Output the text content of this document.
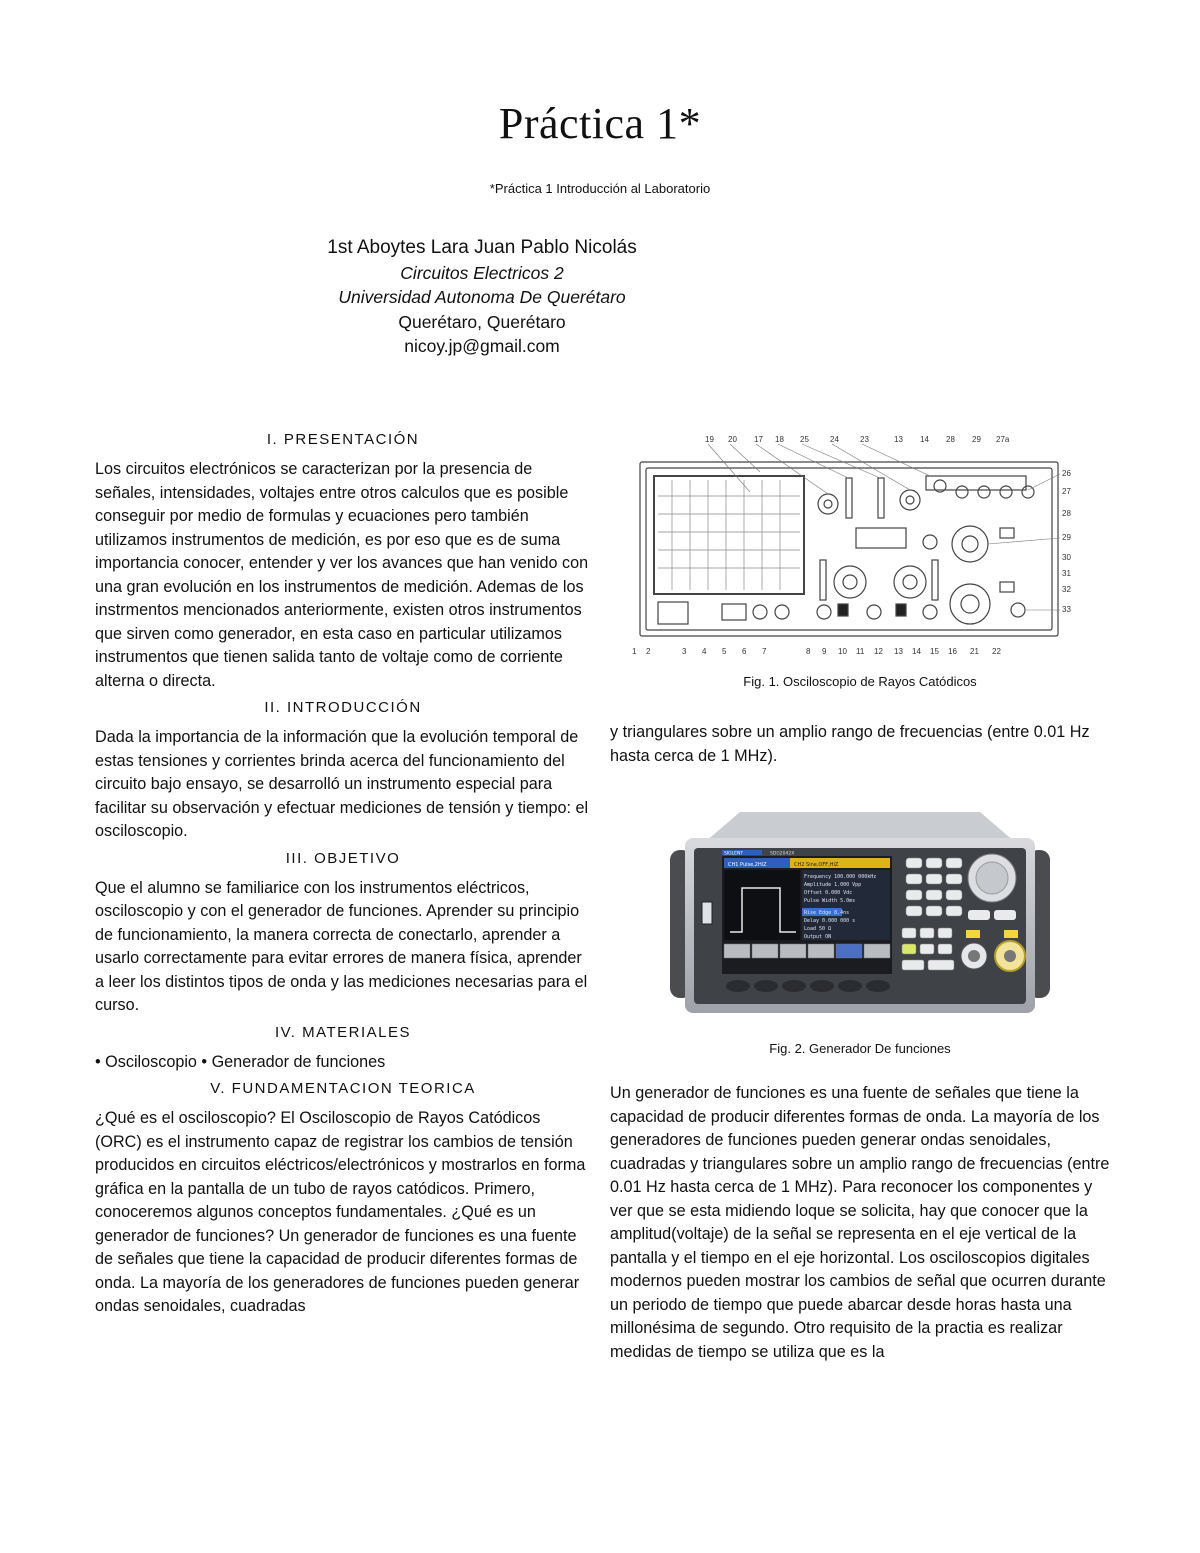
Práctica 1*
*Práctica 1 Introducción al Laboratorio
1st Aboytes Lara Juan Pablo Nicolás
Circuitos Electricos 2
Universidad Autonoma De Querétaro
Querétaro, Querétaro
nicoy.jp@gmail.com
I. PRESENTACIÓN
Los circuitos electrónicos se caracterizan por la presencia de señales, intensidades, voltajes entre otros calculos que es posible conseguir por medio de formulas y ecuaciones pero también utilizamos instrumentos de medición, es por eso que es de suma importancia conocer, entender y ver los avances que han venido con una gran evolución en los instrumentos de medición. Ademas de los instrmentos mencionados anteriormente, existen otros instrumentos que sirven como generador, en esta caso en particular utilizamos instrumentos que tienen salida tanto de voltaje como de corriente alterna o directa.
II. INTRODUCCIÓN
Dada la importancia de la información que la evolución temporal de estas tensiones y corrientes brinda acerca del funcionamiento del circuito bajo ensayo, se desarrolló un instrumento especial para facilitar su observación y efectuar mediciones de tensión y tiempo: el osciloscopio.
III. OBJETIVO
Que el alumno se familiarice con los instrumentos eléctricos, osciloscopio y con el generador de funciones. Aprender su principio de funcionamiento, la manera correcta de conectarlo, aprender a usarlo correctamente para evitar errores de manera física, aprender a leer los distintos tipos de onda y las mediciones necesarias para el curso.
IV. MATERIALES
• Osciloscopio • Generador de funciones
V. FUNDAMENTACION TEORICA
¿Qué es el osciloscopio? El Osciloscopio de Rayos Catódicos (ORC) es el instrumento capaz de registrar los cambios de tensión producidos en circuitos eléctricos/electrónicos y mostrarlos en forma gráfica en la pantalla de un tubo de rayos catódicos. Primero, conoceremos algunos conceptos fundamentales. ¿Qué es un generador de funciones? Un generador de funciones es una fuente de señales que tiene la capacidad de producir diferentes formas de onda. La mayoría de los generadores de funciones pueden generar ondas senoidales, cuadradas
19 20 17 18 25	24	23	13 14 28 29 27a
26
27
28
29
30
31
32
33
1 2	3 4 5 6 7	8 9 10 11 12 13 14 15 16 21 22
Fig. 1. Osciloscopio de Rayos Catódicos
y triangulares sobre un amplio rango de frecuencias (entre 0.01 Hz hasta cerca de 1 MHz).
Frequency 100.000 000kHz
Amplitude 1.000 Vpp
Offset 0.000 Vdc
Pulse Width 5.0ms
Rise Edge 8.4ns
Delay 0.000 000 s
Load 50 Ω
Output ON
CH1 Pulse,2HiZ	CH2 Sine,OFF,HiZ
SIGLENT	SDG2042X
Fig. 2. Generador De funciones
Un generador de funciones es una fuente de señales que tiene la capacidad de producir diferentes formas de onda. La mayoría de los generadores de funciones pueden generar ondas senoidales, cuadradas y triangulares sobre un amplio rango de frecuencias (entre 0.01 Hz hasta cerca de 1 MHz). Para reconocer los componentes y ver que se esta midiendo loque se solicita, hay que conocer que la amplitud(voltaje) de la señal se representa en el eje vertical de la pantalla y el tiempo en el eje horizontal. Los osciloscopios digitales modernos pueden mostrar los cambios de señal que ocurren durante un periodo de tiempo que puede abarcar desde horas hasta una millonésima de segundo. Otro requisito de la practia es realizar medidas de tiempo se utiliza que es la
